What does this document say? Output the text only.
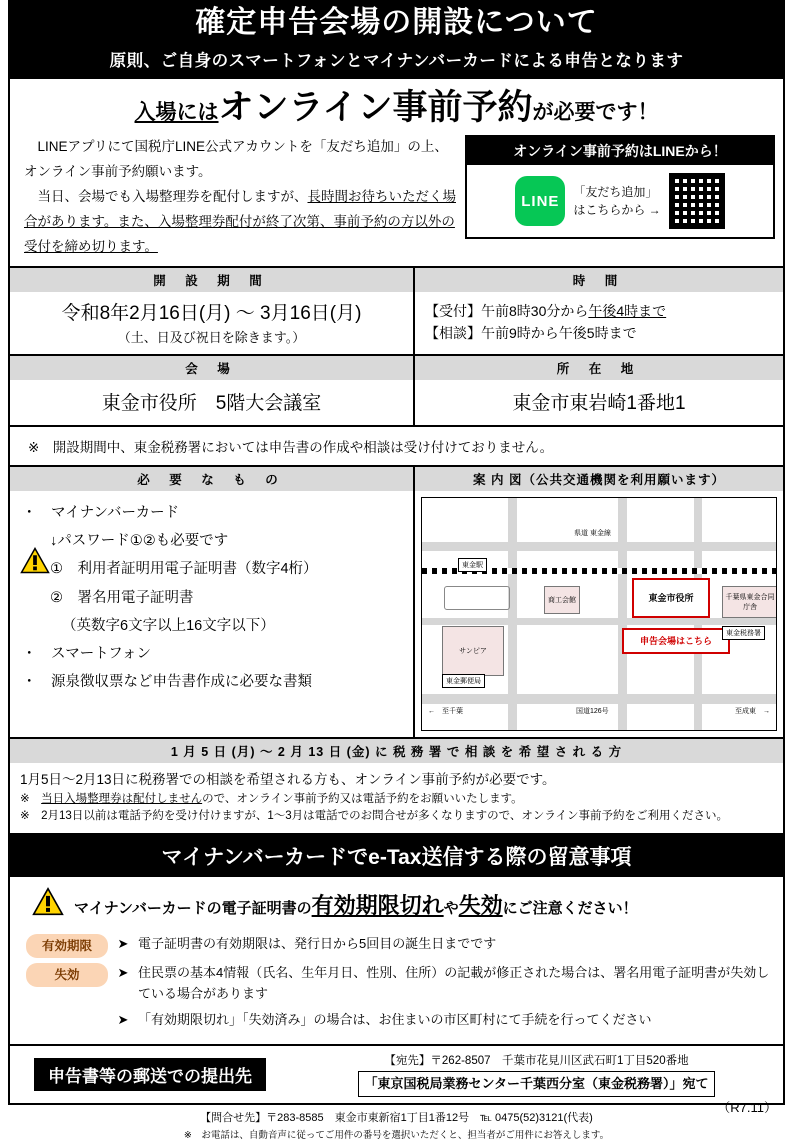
確定申告会場の開設について
原則、ご自身のスマートフォンとマイナンバーカードによる申告となります
入場にはオンライン事前予約が必要です！
　LINEアプリにて国税庁LINE公式アカウントを「友だち追加」の上、オンライン事前予約願います。
　当日、会場でも入場整理券を配付しますが、長時間お待ちいただく場合があります。また、入場整理券配付が終了次第、事前予約の方以外の受付を締め切ります。
オンライン事前予約はLINEから！
LINE
「友だち追加」
はこちらから →
開 設 期 間	時 間
令和8年2月16日(月) ～ 3月16日(月)
（土、日及び祝日を除きます。）
【受付】午前8時30分から午後4時まで
【相談】午前9時から午後5時まで
会 場	所 在 地
東金市役所　5階大会議室	東金市東岩崎1番地1
※　開設期間中、東金税務署においては申告書の作成や相談は受け付けておりません。
必 要 な も の	案 内 図（公共交通機関を利用願います）
・　マイナンバーカード
↓パスワード①②も必要です
①　利用者証明用電子証明書（数字4桁）
②　署名用電子証明書
（英数字6文字以上16文字以下）
・　スマートフォン
・　源泉徴収票など申告書作成に必要な書類
県道 東金線
東金駅
商工会館
サンピア
東金市役所
申告会場はこちら
千葉県東金合同庁舎
東金税務署
東金郵便局
国道126号
←　至千葉	至成東　→
1 月 5 日 (月) ～ 2 月 13 日 (金) に 税 務 署 で 相 談 を 希 望 さ れ る 方
1月5日～2月13日に税務署での相談を希望される方も、オンライン事前予約が必要です。
※　当日入場整理券は配付しませんので、オンライン事前予約又は電話予約をお願いいたします。
※　2月13日以前は電話予約を受け付けますが、1～3月は電話でのお問合せが多くなりますので、オンライン事前予約をご利用ください。
マイナンバーカードでe-Tax送信する際の留意事項
マイナンバーカードの電子証明書の有効期限切れや失効にご注意ください！
有効期限	➤ 電子証明書の有効期限は、発行日から5回目の誕生日までです
失効	➤ 住民票の基本4情報（氏名、生年月日、性別、住所）の記載が修正された場合は、署名用電子証明書が失効している場合があります
➤ 「有効期限切れ」「失効済み」の場合は、お住まいの市区町村にて手続を行ってください
申告書等の郵送での提出先
【宛先】〒262-8507　千葉市花見川区武石町1丁目520番地
「東京国税局業務センター千葉西分室（東金税務署）」宛て
【問合せ先】〒283-8585　東金市東新宿1丁目1番12号　℡ 0475(52)3121(代表)
※　お電話は、自動音声に従ってご用件の番号を選択いただくと、担当者がご用件にお答えします。
（R7.11）
